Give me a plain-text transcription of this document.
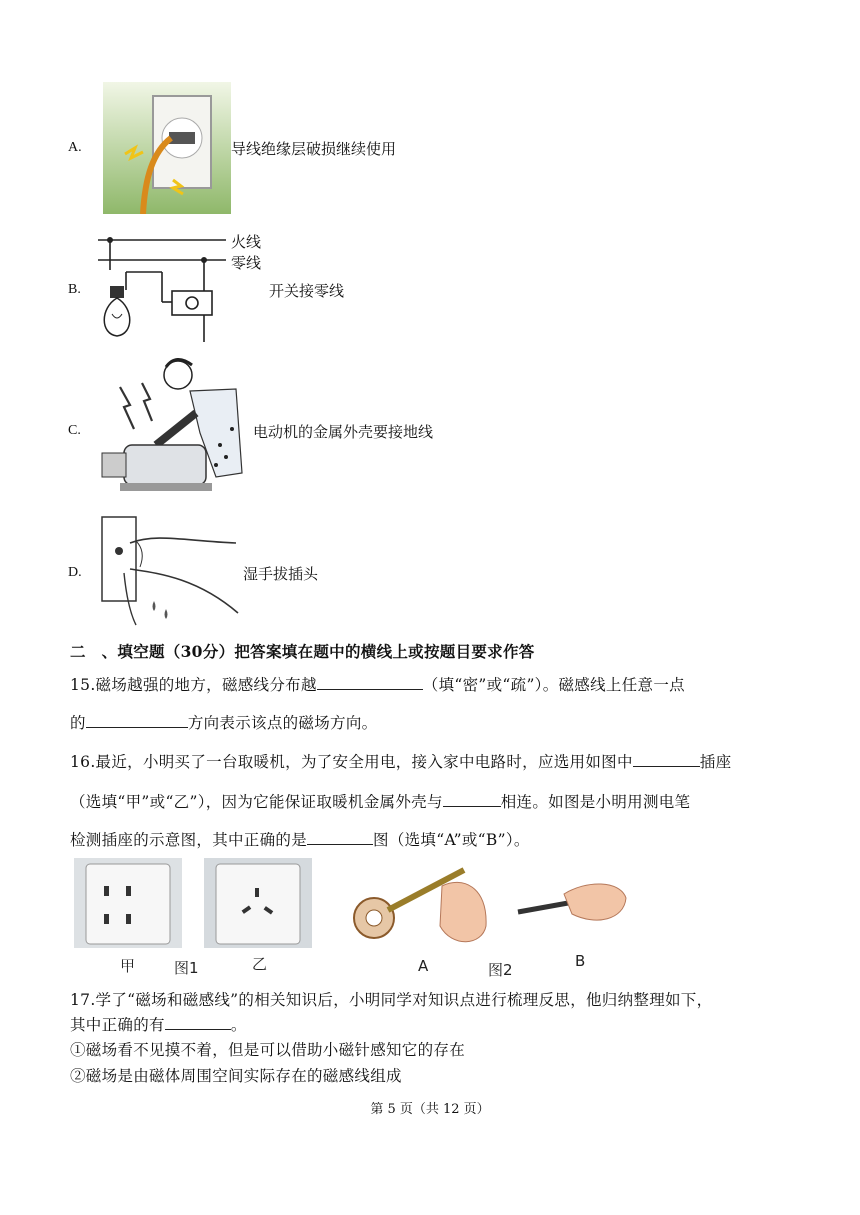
A.	导线绝缘层破损继续使用
B.
火线
零线
开关接零线
C.	电动机的金属外壳要接地线
D.	湿手拔插头
二　、填空题（30分）把答案填在题中的横线上或按题目要求作答
15.磁场越强的地方，磁感线分布越	（填“密”或“疏”）。磁感线上任意一点
的	方向表示该点的磁场方向。
16.最近，小明买了一台取暖机，为了安全用电，接入家中电路时，应选用如图中	插座
（选填“甲”或“乙”），因为它能保证取暖机金属外壳与	相连。如图是小明用测电笔
检测插座的示意图，其中正确的是	图（选填“A”或“B”）。
甲	图1	乙	A	图2	B
17.学了“磁场和磁感线”的相关知识后，小明同学对知识点进行梳理反思，他归纳整理如下，
其中正确的有	。
①磁场看不见摸不着，但是可以借助小磁针感知它的存在
②磁场是由磁体周围空间实际存在的磁感线组成
第 5 页（共 12 页）
